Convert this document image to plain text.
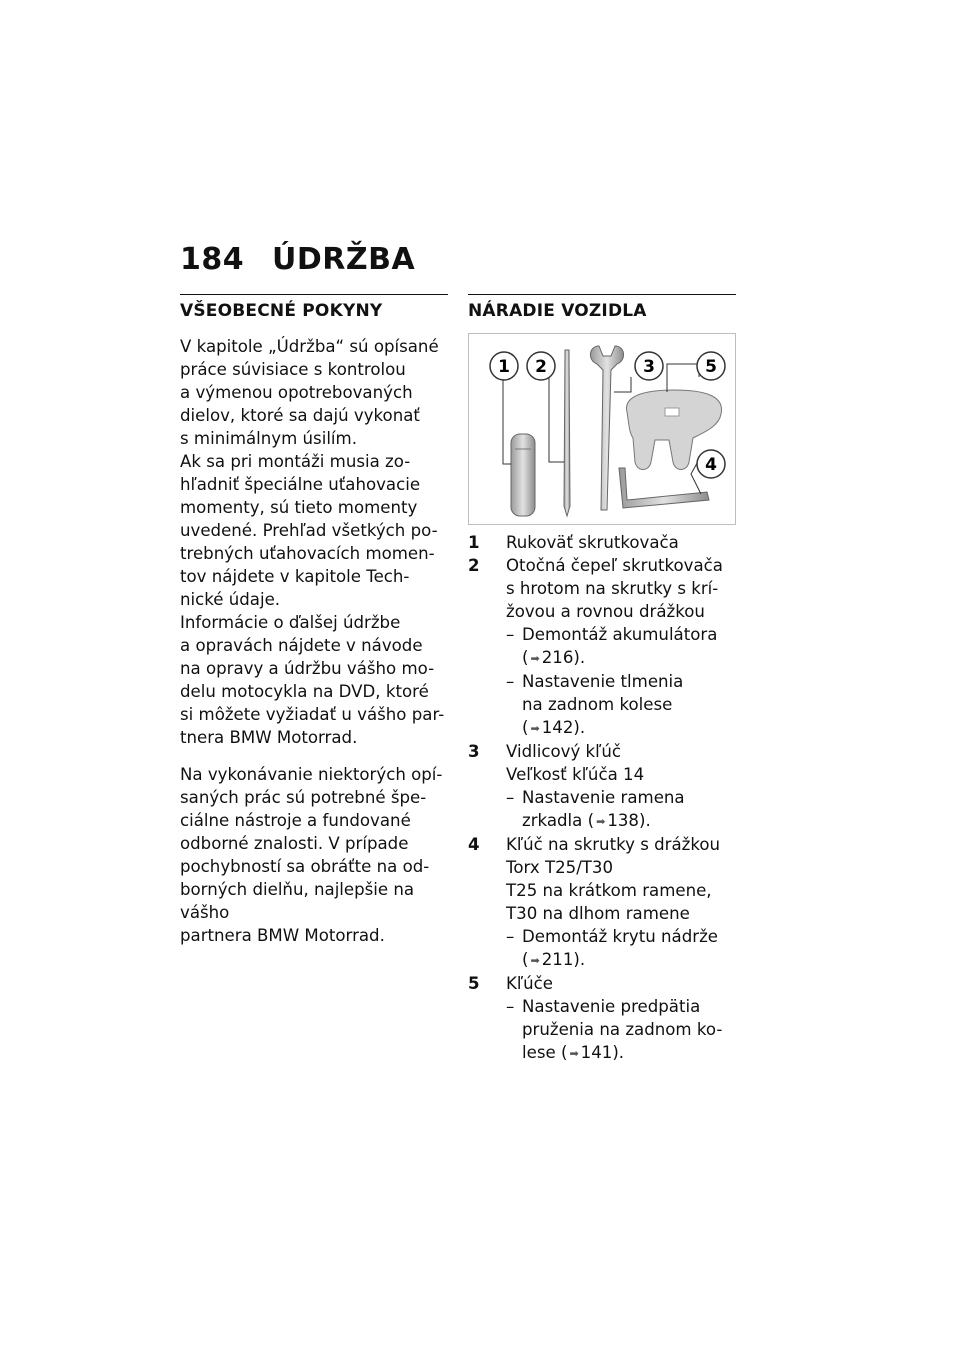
184 ÚDRŽBA
VŠEOBECNÉ POKYNY

V kapitole „Údržba“ sú opísané
práce súvisiace s kontrolou
a výmenou opotrebovaných
dielov, ktoré sa dajú vykonať
s minimálnym úsilím.
Ak sa pri montáži musia zo-
hľadniť špeciálne uťahovacie
momenty, sú tieto momenty
uvedené. Prehľad všetkých po-
trebných uťahovacích momen-
tov nájdete v kapitole Tech-
nické údaje.
Informácie o ďalšej údržbe
a opravách nájdete v návode
na opravy a údržbu vášho mo-
delu motocykla na DVD, ktoré
si môžete vyžiadať u vášho par-
tnera BMW Motorrad.

Na vykonávanie niektorých opí-
saných prác sú potrebné špe-
ciálne nástroje a fundované
odborné znalosti. V prípade
pochybností sa obráťte na od-
borných dielňu, najlepšie na vášho
partnera BMW Motorrad.

NÁRADIE VOZIDLA
1 2	3	5
4
1	Rukoväť skrutkovača
2	Otočná čepeľ skrutkovača
s hrotom na skrutky s krí-
žovou a rovnou drážkou
– Demontáž akumulátora
( ➡ 216).
– Nastavenie tlmenia
na zadnom kolese
( ➡ 142).
3	Vidlicový kľúč
Veľkosť kľúča 14
– Nastavenie ramena
zrkadla ( ➡ 138).
4	Kľúč na skrutky s drážkou
Torx T25/T30
T25 na krátkom ramene,
T30 na dlhom ramene
– Demontáž krytu nádrže
( ➡ 211).
5	Kľúče
– Nastavenie predpätia
pruženia na zadnom ko-
lese ( ➡ 141).
